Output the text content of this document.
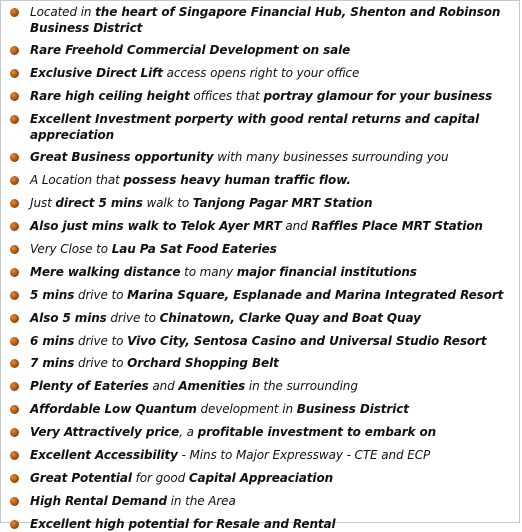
Located in the heart of Singapore Financial Hub, Shenton and Robinson Business District
Rare Freehold Commercial Development on sale
Exclusive Direct Lift access opens right to your office
Rare high ceiling height offices that portray glamour for your business
Excellent Investment porperty with good rental returns and capital appreciation
Great Business opportunity with many businesses surrounding you
A Location that possess heavy human traffic flow.
Just direct 5 mins walk to Tanjong Pagar MRT Station
Also just mins walk to Telok Ayer MRT and Raffles Place MRT Station
Very Close to Lau Pa Sat Food Eateries
Mere walking distance to many major financial institutions
5 mins drive to Marina Square, Esplanade and Marina Integrated Resort
Also 5 mins drive to Chinatown, Clarke Quay and Boat Quay
6 mins drive to Vivo City, Sentosa Casino and Universal Studio Resort
7 mins drive to Orchard Shopping Belt
Plenty of Eateries and Amenities in the surrounding
Affordable Low Quantum development in Business District
Very Attractively price, a profitable investment to embark on
Excellent Accessibility - Mins to Major Expressway - CTE and ECP
Great Potential for good Capital Appreaciation
High Rental Demand in the Area
Excellent high potential for Resale and Rental
